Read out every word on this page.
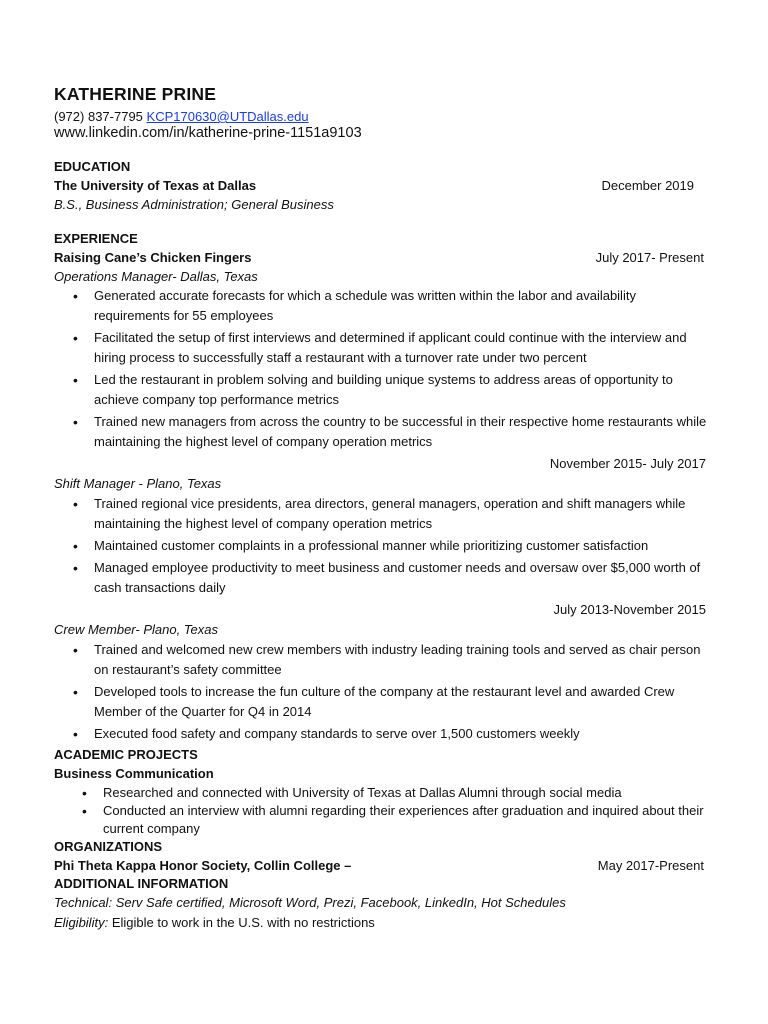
KATHERINE PRINE
(972) 837-7795 KCP170630@UTDallas.edu
www.linkedin.com/in/katherine-prine-1151a9103
EDUCATION
The University of Texas at Dallas	December 2019
B.S., Business Administration; General Business
EXPERIENCE
Raising Cane’s Chicken Fingers	July 2017- Present
Operations Manager- Dallas, Texas
• Generated accurate forecasts for which a schedule was written within the labor and availability requirements for 55 employees
• Facilitated the setup of first interviews and determined if applicant could continue with the interview and hiring process to successfully staff a restaurant with a turnover rate under two percent
• Led the restaurant in problem solving and building unique systems to address areas of opportunity to achieve company top performance metrics
• Trained new managers from across the country to be successful in their respective home restaurants while maintaining the highest level of company operation metrics
November 2015- July 2017
Shift Manager - Plano, Texas
• Trained regional vice presidents, area directors, general managers, operation and shift managers while maintaining the highest level of company operation metrics
• Maintained customer complaints in a professional manner while prioritizing customer satisfaction
• Managed employee productivity to meet business and customer needs and oversaw over $5,000 worth of cash transactions daily
July 2013-November 2015
Crew Member- Plano, Texas
• Trained and welcomed new crew members with industry leading training tools and served as chair person on restaurant’s safety committee
• Developed tools to increase the fun culture of the company at the restaurant level and awarded Crew Member of the Quarter for Q4 in 2014
• Executed food safety and company standards to serve over 1,500 customers weekly
ACADEMIC PROJECTS
Business Communication
• Researched and connected with University of Texas at Dallas Alumni through social media
• Conducted an interview with alumni regarding their experiences after graduation and inquired about their current company
ORGANIZATIONS
Phi Theta Kappa Honor Society, Collin College –	May 2017-Present
ADDITIONAL INFORMATION
Technical: Serv Safe certified, Microsoft Word, Prezi, Facebook, LinkedIn, Hot Schedules
Eligibility: Eligible to work in the U.S. with no restrictions
